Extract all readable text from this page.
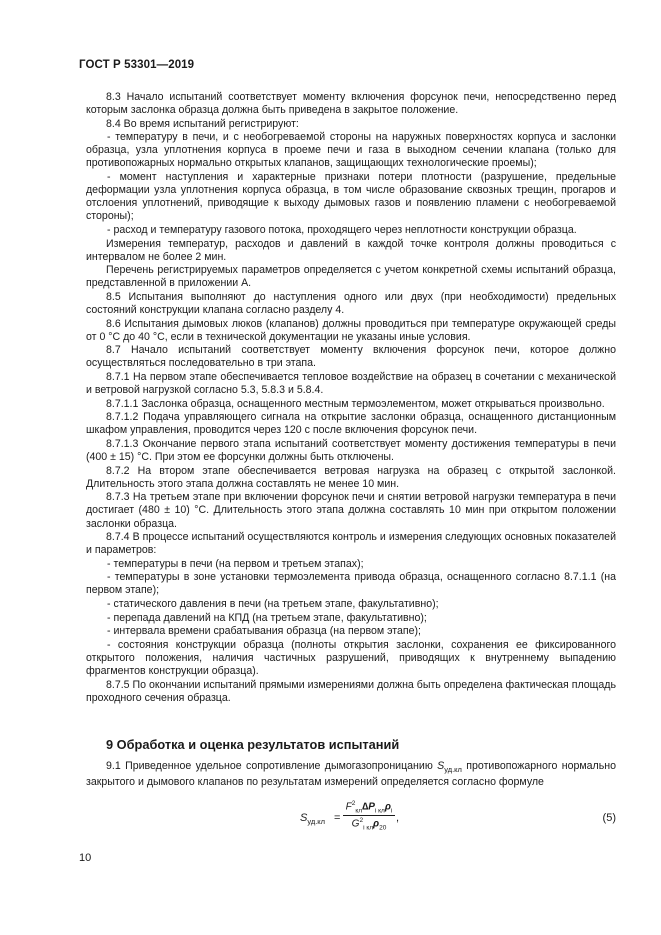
ГОСТ Р 53301—2019

8.3 Начало испытаний соответствует моменту включения форсунок печи, непосредственно перед которым заслонка образца должна быть приведена в закрытое положение.

8.4 Во время испытаний регистрируют:

- температуру в печи, и с необогреваемой стороны на наружных поверхностях корпуса и заслонки образца, узла уплотнения корпуса в проеме печи и газа в выходном сечении клапана (только для противопожарных нормально открытых клапанов, защищающих технологические проемы);

- момент наступления и характерные признаки потери плотности (разрушение, предельные деформации узла уплотнения корпуса образца, в том числе образование сквозных трещин, прогаров и отслоения уплотнений, приводящие к выходу дымовых газов и появлению пламени с необогреваемой стороны);

- расход и температуру газового потока, проходящего через неплотности конструкции образца.

Измерения температур, расходов и давлений в каждой точке контроля должны проводиться с интервалом не более 2 мин.

Перечень регистрируемых параметров определяется с учетом конкретной схемы испытаний образца, представленной в приложении А.

8.5 Испытания выполняют до наступления одного или двух (при необходимости) предельных состояний конструкции клапана согласно разделу 4.

8.6 Испытания дымовых люков (клапанов) должны проводиться при температуре окружающей среды от 0 °С до 40 °С, если в технической документации не указаны иные условия.

8.7 Начало испытаний соответствует моменту включения форсунок печи, которое должно осуществляться последовательно в три этапа.

8.7.1 На первом этапе обеспечивается тепловое воздействие на образец в сочетании с механической и ветровой нагрузкой согласно 5.3, 5.8.3 и 5.8.4.

8.7.1.1 Заслонка образца, оснащенного местным термоэлементом, может открываться произвольно.

8.7.1.2 Подача управляющего сигнала на открытие заслонки образца, оснащенного дистанционным шкафом управления, проводится через 120 с после включения форсунок печи.

8.7.1.3 Окончание первого этапа испытаний соответствует моменту достижения температуры в печи (400 ± 15) °С. При этом ее форсунки должны быть отключены.

8.7.2 На втором этапе обеспечивается ветровая нагрузка на образец с открытой заслонкой. Длительность этого этапа должна составлять не менее 10 мин.

8.7.3 На третьем этапе при включении форсунок печи и снятии ветровой нагрузки температура в печи достигает (480 ± 10) °С. Длительность этого этапа должна составлять 10 мин при открытом положении заслонки образца.

8.7.4 В процессе испытаний осуществляются контроль и измерения следующих основных показателей и параметров:

- температуры в печи (на первом и третьем этапах);

- температуры в зоне установки термоэлемента привода образца, оснащенного согласно 8.7.1.1 (на первом этапе);

- статического давления в печи (на третьем этапе, факультативно);

- перепада давлений на КПД (на третьем этапе, факультативно);

- интервала времени срабатывания образца (на первом этапе);

- состояния конструкции образца (полноты открытия заслонки, сохранения ее фиксированного открытого положения, наличия частичных разрушений, приводящих к внутреннему выпадению фрагментов конструкции образца).

8.7.5 По окончании испытаний прямыми измерениями должна быть определена фактическая площадь проходного сечения образца.

9 Обработка и оценка результатов испытаний

9.1 Приведенное удельное сопротивление дымогазопроницанию $S_{уд.кл}$ противопожарного нормально закрытого и дымового клапанов по результатам измерений определяется согласно формуле

$S_{уд.кл}$ =
$F^2_{кл}\Delta P_{i кл}\rho_i$
$G^2_{i кл}\rho_{20}$
,	(5)
10
